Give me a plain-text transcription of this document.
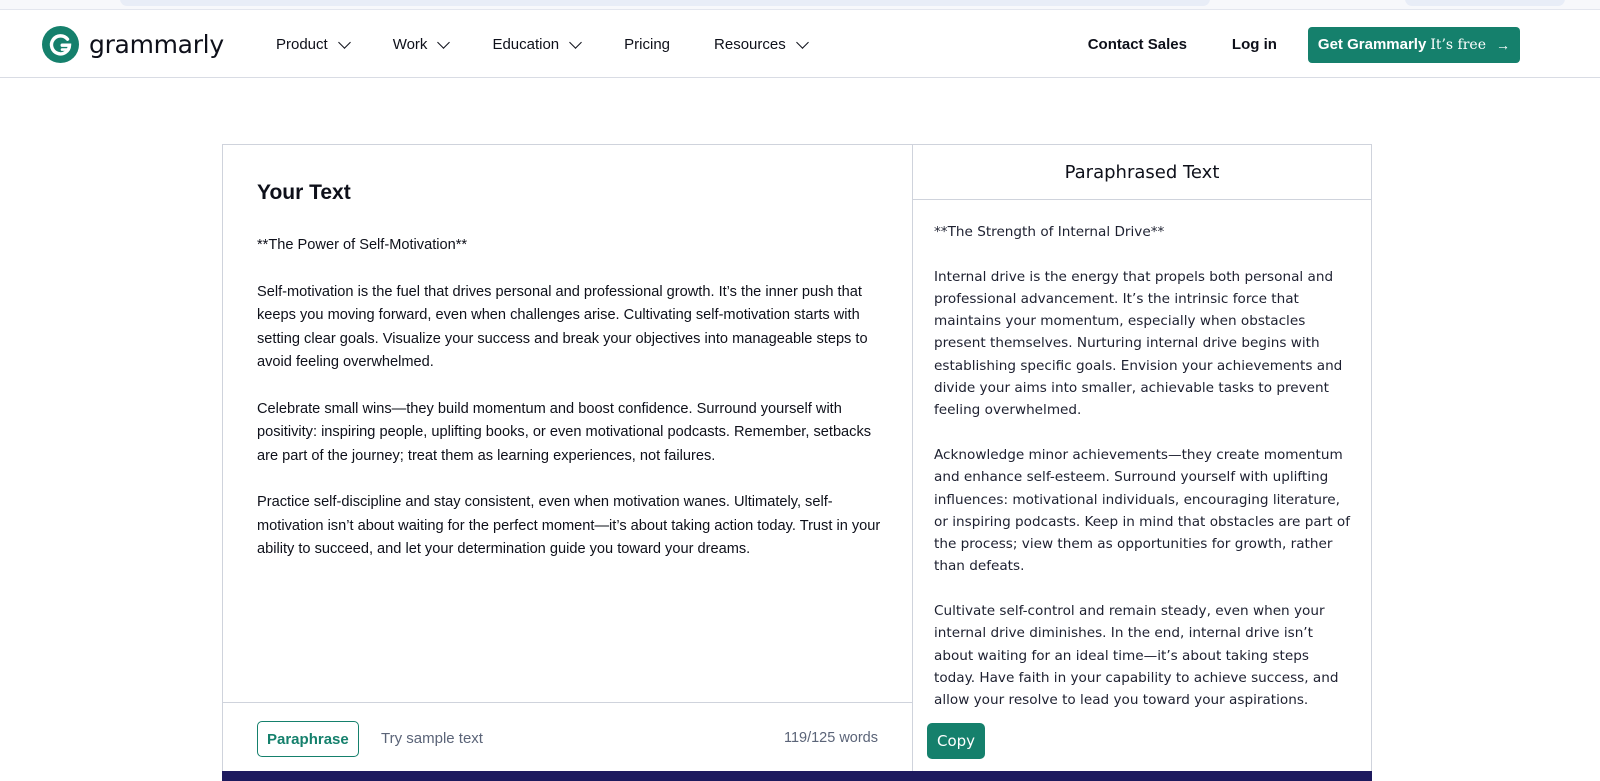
grammarly	Product	Work	Education	Pricing	Resources	Contact Sales	Log in	Get Grammarly It’s free →
Your Text

**The Power of Self-Motivation**

Self-motivation is the fuel that drives personal and professional growth. It’s the inner push that keeps you moving forward, even when challenges arise. Cultivating self-motivation starts with setting clear goals. Visualize your success and break your objectives into manageable steps to avoid feeling overwhelmed.

Celebrate small wins—they build momentum and boost confidence. Surround yourself with positivity: inspiring people, uplifting books, or even motivational podcasts. Remember, setbacks are part of the journey; treat them as learning experiences, not failures.

Practice self-discipline and stay consistent, even when motivation wanes. Ultimately, self-motivation isn’t about waiting for the perfect moment—it’s about taking action today. Trust in your ability to succeed, and let your determination guide you toward your dreams.

Paraphrase	Try sample text	119/125 words
Paraphrased Text

**The Strength of Internal Drive**

Internal drive is the energy that propels both personal and professional advancement. It’s the intrinsic force that maintains your momentum, especially when obstacles present themselves. Nurturing internal drive begins with establishing specific goals. Envision your achievements and divide your aims into smaller, achievable tasks to prevent feeling overwhelmed.

Acknowledge minor achievements—they create momentum and enhance self-esteem. Surround yourself with uplifting influences: motivational individuals, encouraging literature, or inspiring podcasts. Keep in mind that obstacles are part of the process; view them as opportunities for growth, rather than defeats.

Cultivate self-control and remain steady, even when your internal drive diminishes. In the end, internal drive isn’t about waiting for an ideal time—it’s about taking steps today. Have faith in your capability to achieve success, and allow your resolve to lead you toward your aspirations.

Copy
